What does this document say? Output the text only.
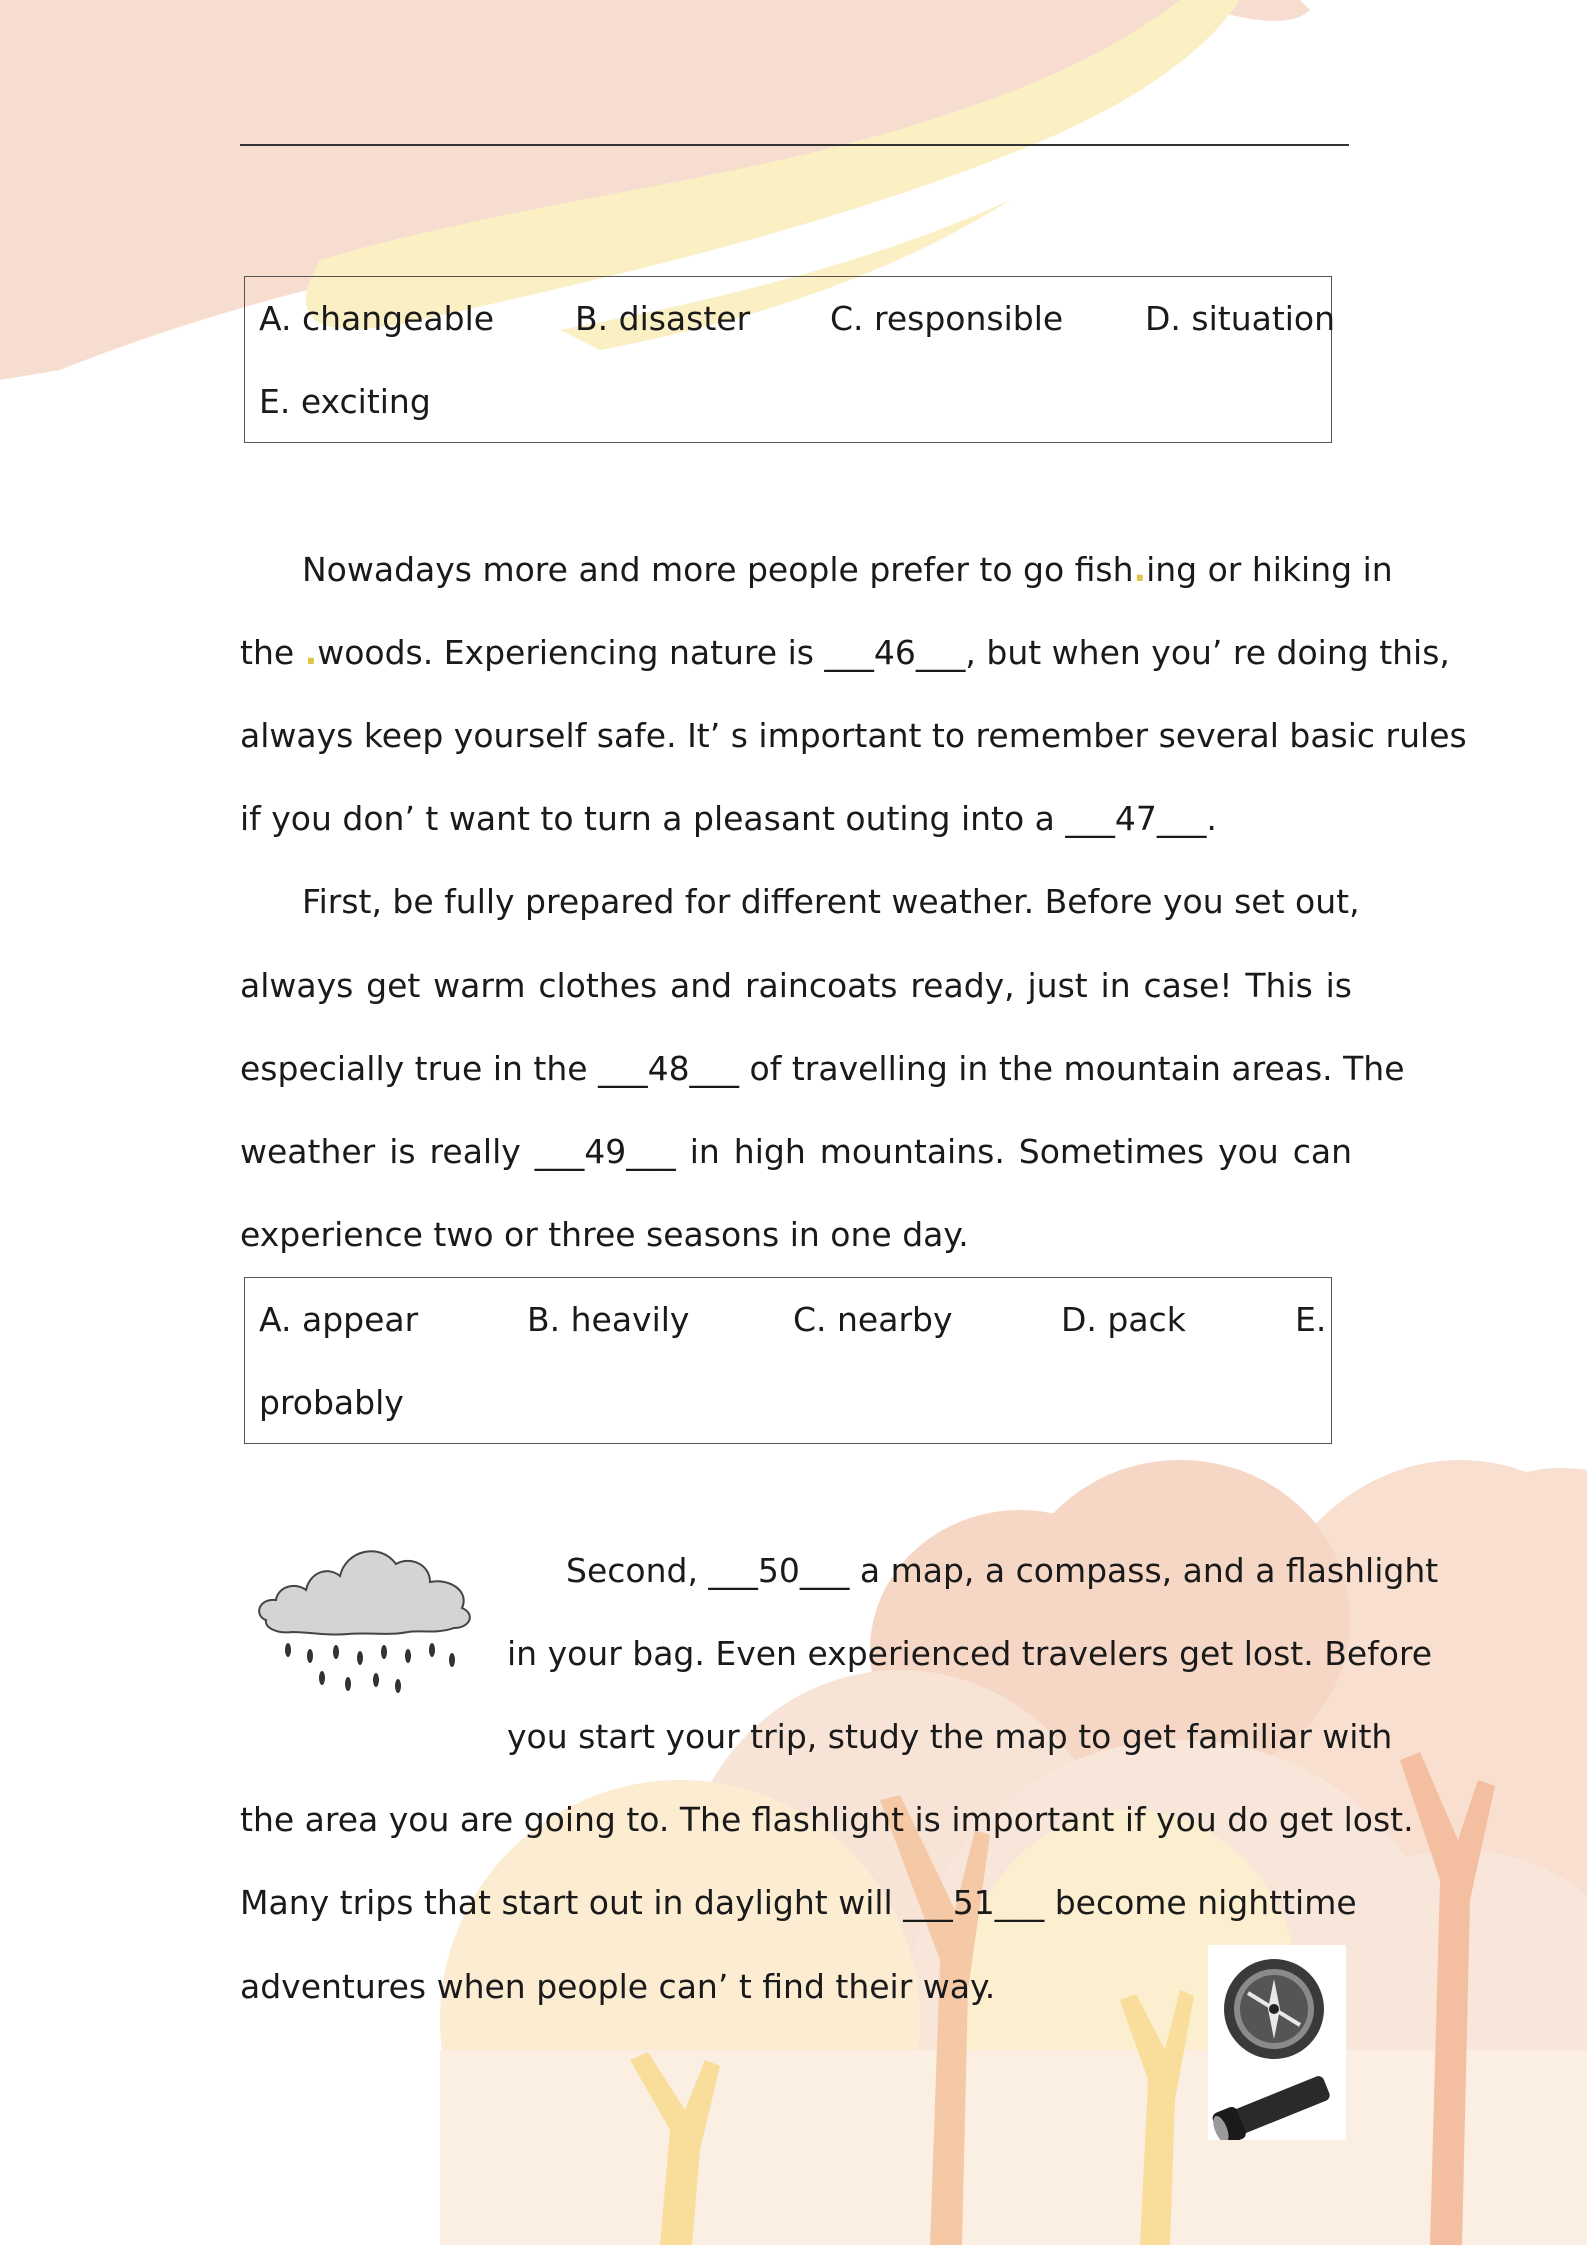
A. changeable B. disaster C. responsible D. situation
E. exciting
Nowadays more and more people prefer to go fish.ing or hiking in
the .woods. Experiencing nature is ___46___, but when you’ re doing this,
always keep yourself safe. It’ s important to remember several basic rules
if you don’ t want to turn a pleasant outing into a ___47___.
First, be fully prepared for different weather. Before you set out,
always get warm clothes and raincoats ready, just in case! This is
especially true in the ___48___ of travelling in the mountain areas. The
weather is really ___49___ in high mountains. Sometimes you can
experience two or three seasons in one day.
A. appear	B. heavily	C. nearby	D. pack	E.
probably
Second, ___50___ a map, a compass, and a flashlight
in your bag. Even experienced travelers get lost. Before
you start your trip, study the map to get familiar with
the area you are going to. The flashlight is important if you do get lost.
Many trips that start out in daylight will ___51___ become nighttime
adventures when people can’ t find their way.
